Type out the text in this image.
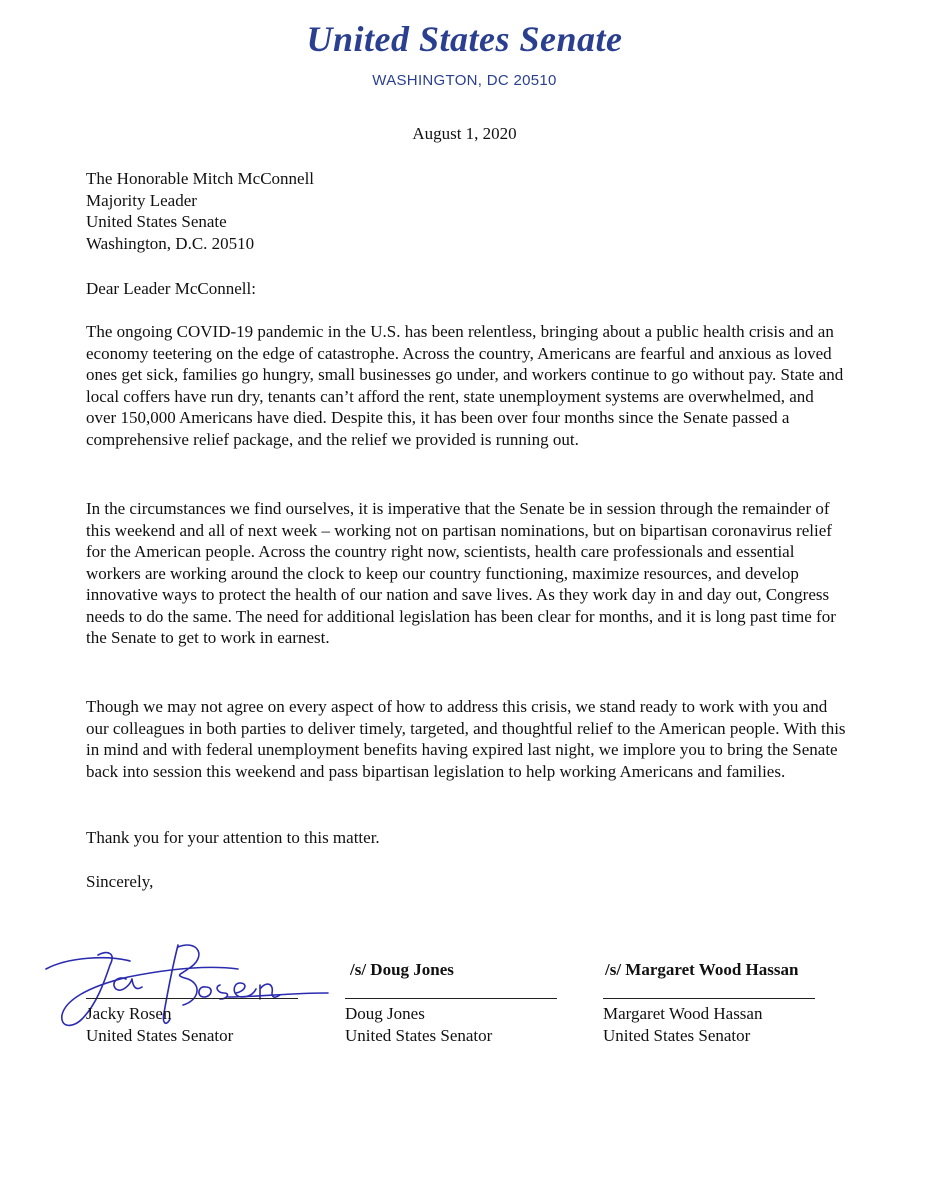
United States Senate
WASHINGTON, DC 20510
August 1, 2020
The Honorable Mitch McConnell
Majority Leader
United States Senate
Washington, D.C. 20510
Dear Leader McConnell:

The ongoing COVID-19 pandemic in the U.S. has been relentless, bringing about a public health crisis and an economy teetering on the edge of catastrophe. Across the country, Americans are fearful and anxious as loved ones get sick, families go hungry, small businesses go under, and workers continue to go without pay. State and local coffers have run dry, tenants can’t afford the rent, state unemployment systems are overwhelmed, and over 150,000 Americans have died. Despite this, it has been over four months since the Senate passed a comprehensive relief package, and the relief we provided is running out.

In the circumstances we find ourselves, it is imperative that the Senate be in session through the remainder of this weekend and all of next week – working not on partisan nominations, but on bipartisan coronavirus relief for the American people. Across the country right now, scientists, health care professionals and essential workers are working around the clock to keep our country functioning, maximize resources, and develop innovative ways to protect the health of our nation and save lives. As they work day in and day out, Congress needs to do the same. The need for additional legislation has been clear for months, and it is long past time for the Senate to get to work in earnest.

Though we may not agree on every aspect of how to address this crisis, we stand ready to work with you and our colleagues in both parties to deliver timely, targeted, and thoughtful relief to the American people. With this in mind and with federal unemployment benefits having expired last night, we implore you to bring the Senate back into session this weekend and pass bipartisan legislation to help working Americans and families.

Thank you for your attention to this matter.
Sincerely,
Jacky Rosen
United States Senator
/s/ Doug Jones
Doug Jones
United States Senator
/s/ Margaret Wood Hassan
Margaret Wood Hassan
United States Senator
